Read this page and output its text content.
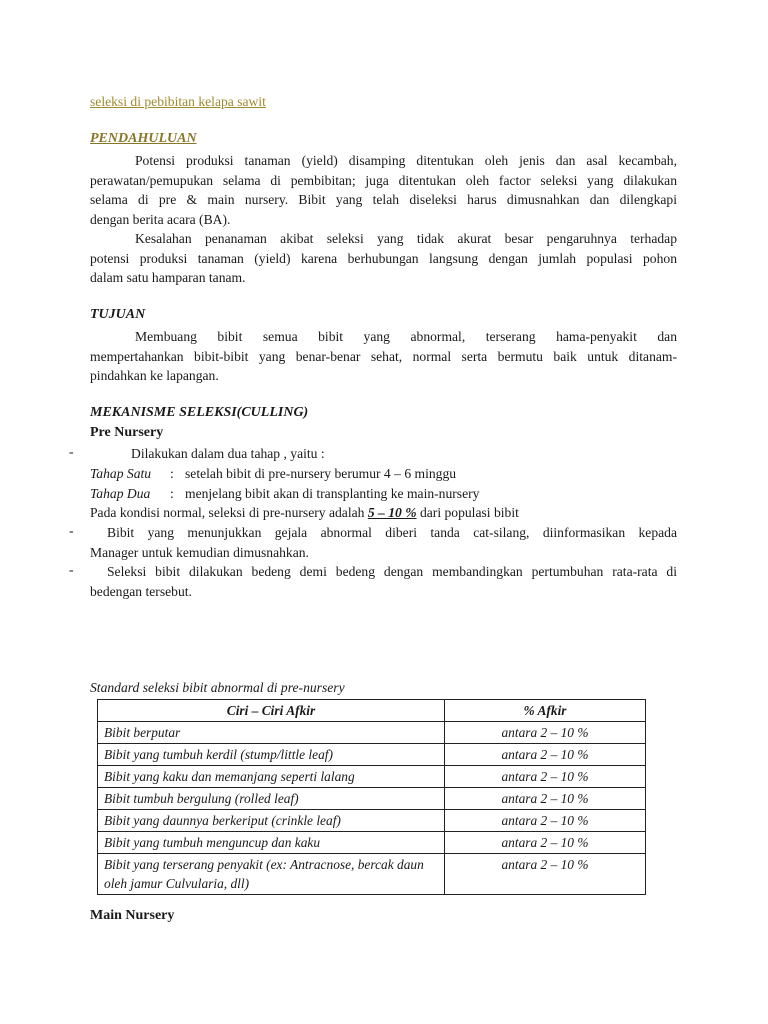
seleksi di pebibitan kelapa sawit
PENDAHULUAN
Potensi produksi tanaman (yield) disamping ditentukan oleh jenis dan asal kecambah,
perawatan/pemupukan selama di pembibitan; juga ditentukan oleh factor seleksi yang dilakukan
selama di pre & main nursery. Bibit yang telah diseleksi harus dimusnahkan dan dilengkapi
dengan berita acara (BA).
Kesalahan penanaman akibat seleksi yang tidak akurat besar pengaruhnya terhadap
potensi produksi tanaman (yield) karena berhubungan langsung dengan jumlah populasi pohon
dalam satu hamparan tanam.
TUJUAN
Membuang bibit semua bibit yang abnormal, terserang hama-penyakit dan
mempertahankan bibit-bibit yang benar-benar sehat, normal serta bermutu baik untuk ditanam-
pindahkan ke lapangan.
MEKANISME SELEKSI(CULLING)
Pre Nursery
-	Dilakukan dalam dua tahap , yaitu :
Tahap Satu : setelah bibit di pre-nursery berumur 4 – 6 minggu
Tahap Dua : menjelang bibit akan di transplanting ke main-nursery
Pada kondisi normal, seleksi di pre-nursery adalah 5 – 10 % dari populasi bibit
-	Bibit yang menunjukkan gejala abnormal diberi tanda cat-silang, diinformasikan kepada
Manager untuk kemudian dimusnahkan.
-	Seleksi bibit dilakukan bedeng demi bedeng dengan membandingkan pertumbuhan rata-rata di
bedengan tersebut.
Standard seleksi bibit abnormal di pre-nursery
Ciri – Ciri Afkir	% Afkir
Bibit berputar	antara 2 – 10 %
Bibit yang tumbuh kerdil (stump/little leaf)	antara 2 – 10 %
Bibit yang kaku dan memanjang seperti lalang	antara 2 – 10 %
Bibit tumbuh bergulung (rolled leaf)	antara 2 – 10 %
Bibit yang daunnya berkeriput (crinkle leaf)	antara 2 – 10 %
Bibit yang tumbuh menguncup dan kaku	antara 2 – 10 %
Bibit yang terserang penyakit (ex: Antracnose, bercak daun oleh jamur Culvularia, dll)	antara 2 – 10 %
Main Nursery
